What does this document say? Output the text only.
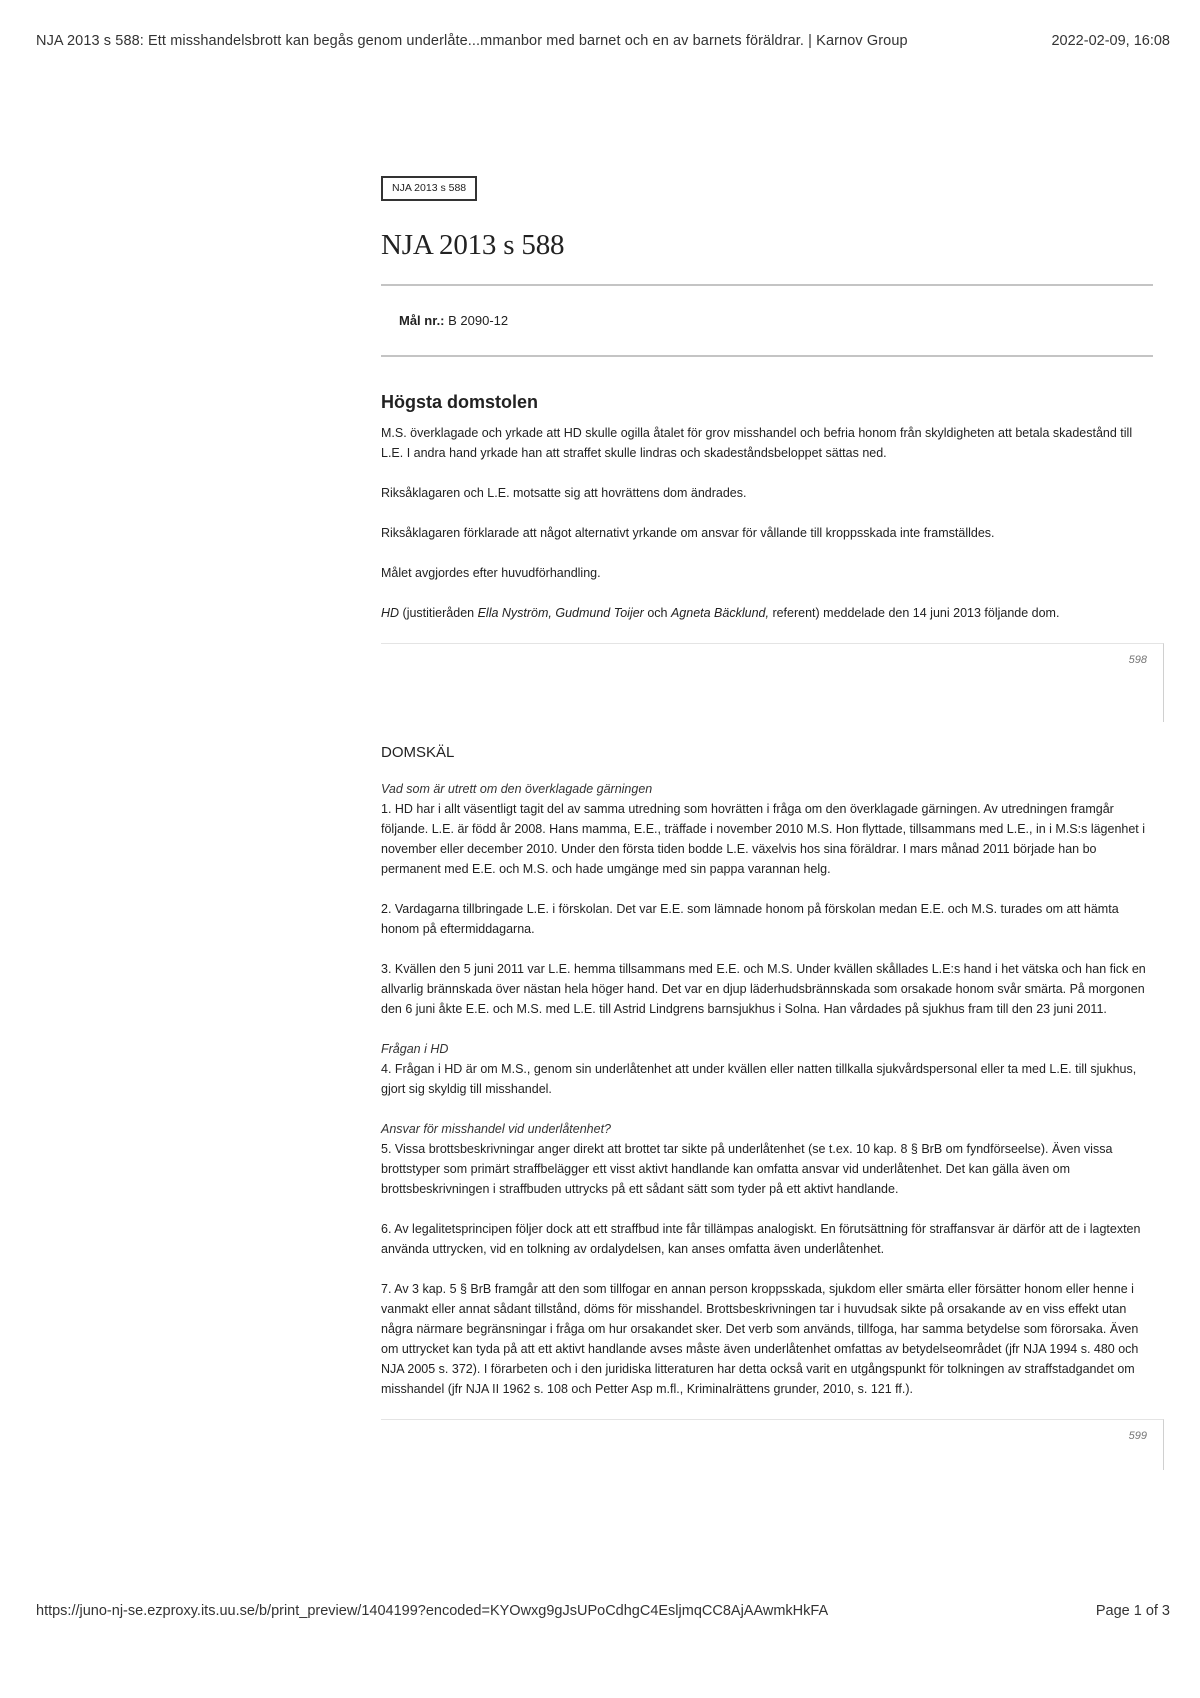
NJA 2013 s 588: Ett misshandelsbrott kan begås genom underlåte...mmanbor med barnet och en av barnets föräldrar. | Karnov Group	2022-02-09, 16:08
NJA 2013 s 588
NJA 2013 s 588
Mål nr.: B 2090-12
Högsta domstolen

M.S. överklagade och yrkade att HD skulle ogilla åtalet för grov misshandel och befria honom från skyldigheten att betala skadestånd till L.E. I andra hand yrkade han att straffet skulle lindras och skadeståndsbeloppet sättas ned.

Riksåklagaren och L.E. motsatte sig att hovrättens dom ändrades.

Riksåklagaren förklarade att något alternativt yrkande om ansvar för vållande till kroppsskada inte framställdes.

Målet avgjordes efter huvudförhandling.

HD (justitieråden Ella Nyström, Gudmund Toijer och Agneta Bäcklund, referent) meddelade den 14 juni 2013 följande dom.

598
DOMSKÄL
Vad som är utrett om den överklagade gärningen

1. HD har i allt väsentligt tagit del av samma utredning som hovrätten i fråga om den överklagade gärningen. Av utredningen framgår följande. L.E. är född år 2008. Hans mamma, E.E., träffade i november 2010 M.S. Hon flyttade, tillsammans med L.E., in i M.S:s lägenhet i november eller december 2010. Under den första tiden bodde L.E. växelvis hos sina föräldrar. I mars månad 2011 började han bo permanent med E.E. och M.S. och hade umgänge med sin pappa varannan helg.

2. Vardagarna tillbringade L.E. i förskolan. Det var E.E. som lämnade honom på förskolan medan E.E. och M.S. turades om att hämta honom på eftermiddagarna.

3. Kvällen den 5 juni 2011 var L.E. hemma tillsammans med E.E. och M.S. Under kvällen skållades L.E:s hand i het vätska och han fick en allvarlig brännskada över nästan hela höger hand. Det var en djup läderhudsbrännskada som orsakade honom svår smärta. På morgonen den 6 juni åkte E.E. och M.S. med L.E. till Astrid Lindgrens barnsjukhus i Solna. Han vårdades på sjukhus fram till den 23 juni 2011.

Frågan i HD

4. Frågan i HD är om M.S., genom sin underlåtenhet att under kvällen eller natten tillkalla sjukvårdspersonal eller ta med L.E. till sjukhus, gjort sig skyldig till misshandel.

Ansvar för misshandel vid underlåtenhet?

5. Vissa brottsbeskrivningar anger direkt att brottet tar sikte på underlåtenhet (se t.ex. 10 kap. 8 § BrB om fyndförseelse). Även vissa brottstyper som primärt straffbelägger ett visst aktivt handlande kan omfatta ansvar vid underlåtenhet. Det kan gälla även om brottsbeskrivningen i straffbuden uttrycks på ett sådant sätt som tyder på ett aktivt handlande.

6. Av legalitetsprincipen följer dock att ett straffbud inte får tillämpas analogiskt. En förutsättning för straffansvar är därför att de i lagtexten använda uttrycken, vid en tolkning av ordalydelsen, kan anses omfatta även underlåtenhet.

7. Av 3 kap. 5 § BrB framgår att den som tillfogar en annan person kroppsskada, sjukdom eller smärta eller försätter honom eller henne i vanmakt eller annat sådant tillstånd, döms för misshandel. Brottsbeskrivningen tar i huvudsak sikte på orsakande av en viss effekt utan några närmare begränsningar i fråga om hur orsakandet sker. Det verb som används, tillfoga, har samma betydelse som förorsaka. Även om uttrycket kan tyda på att ett aktivt handlande avses måste även underlåtenhet omfattas av betydelseområdet (jfr NJA 1994 s. 480 och NJA 2005 s. 372). I förarbeten och i den juridiska litteraturen har detta också varit en utgångspunkt för tolkningen av straffstadgandet om misshandel (jfr NJA II 1962 s. 108 och Petter Asp m.fl., Kriminalrättens grunder, 2010, s. 121 ff.).

599
https://juno-nj-se.ezproxy.its.uu.se/b/print_preview/1404199?encoded=KYOwxg9gJsUPoCdhgC4EsljmqCC8AjAAwmkHkFA	Page 1 of 3
